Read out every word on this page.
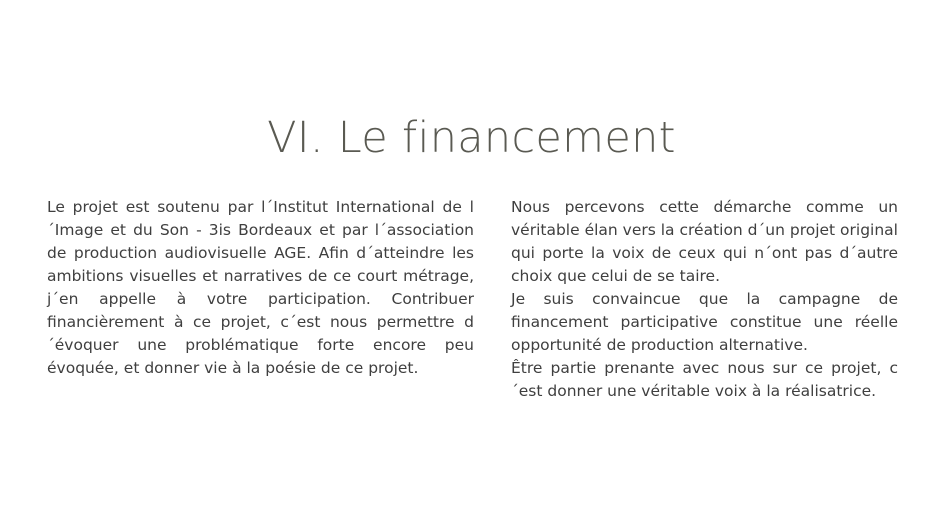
VI. Le financement

Le projet est soutenu par l´Institut International de l´Image et du Son - 3is Bordeaux et par l´association de production audiovisuelle AGE. Afin d´atteindre les ambitions visuelles et narratives de ce court métrage, j´en appelle à votre participation. Contribuer financièrement à ce projet, c´est nous permettre d´évoquer une problématique forte encore peu évoquée, et donner vie à la poésie de ce projet.

Nous percevons cette démarche comme un véritable élan vers la création d´un projet original qui porte la voix de ceux qui n´ont pas d´autre choix que celui de se taire.

Je suis convaincue que la campagne de financement participative constitue une réelle opportunité de production alternative.

Être partie prenante avec nous sur ce projet, c´est donner une véritable voix à la réalisatrice.
